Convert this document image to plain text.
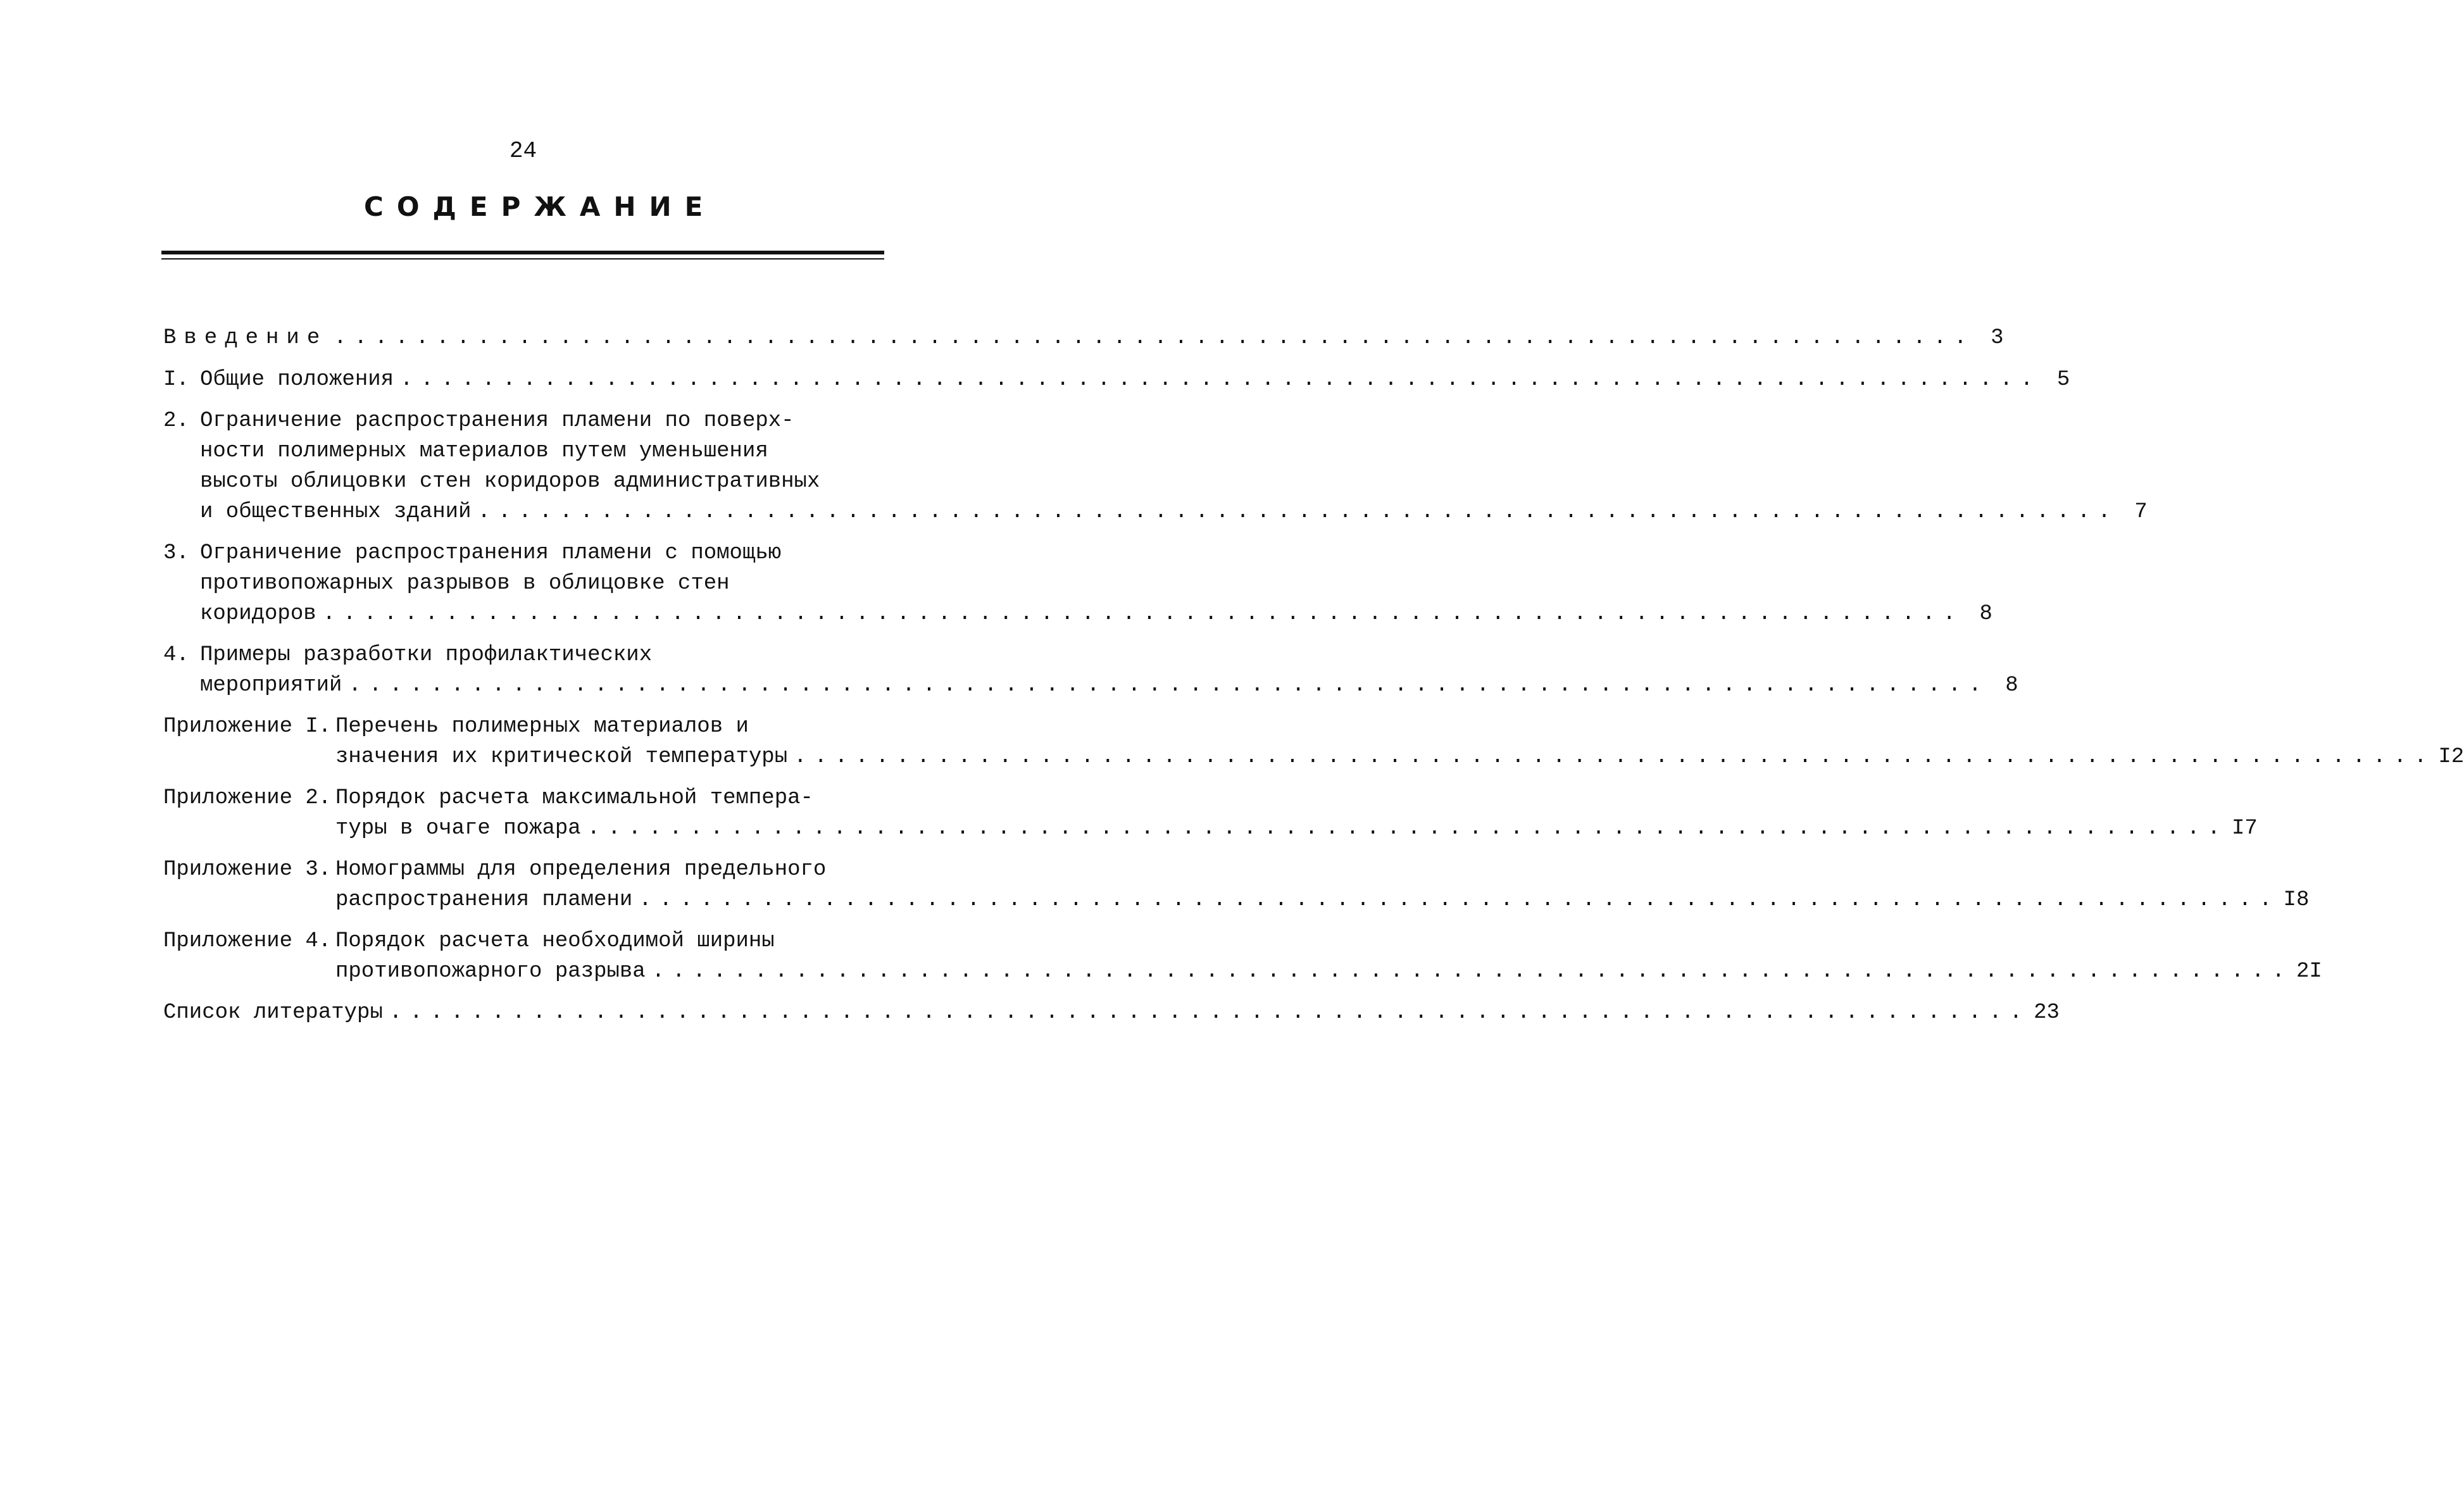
24
СОДЕРЖАНИЕ
Введение ................................................................................ 3
I. Общие положения ................................................................................ 5
2. Ограничение распространения пламени по поверх-
ности полимерных материалов путем уменьшения
высоты облицовки стен коридоров административных
и общественных зданий ................................................................................ 7
3. Ограничение распространения пламени с помощью
противопожарных разрывов в облицовке стен
коридоров ................................................................................ 8
4. Примеры разработки профилактических
мероприятий ................................................................................ 8
Приложение I. Перечень полимерных материалов и
значения их критической температуры ................................................................................ I2
Приложение 2. Порядок расчета максимальной темпера-
туры в очаге пожара ................................................................................ I7
Приложение 3. Номограммы для определения предельного
распространения пламени ................................................................................ I8
Приложение 4. Порядок расчета необходимой ширины
противопожарного разрыва ................................................................................ 2I
Список литературы ................................................................................ 23
